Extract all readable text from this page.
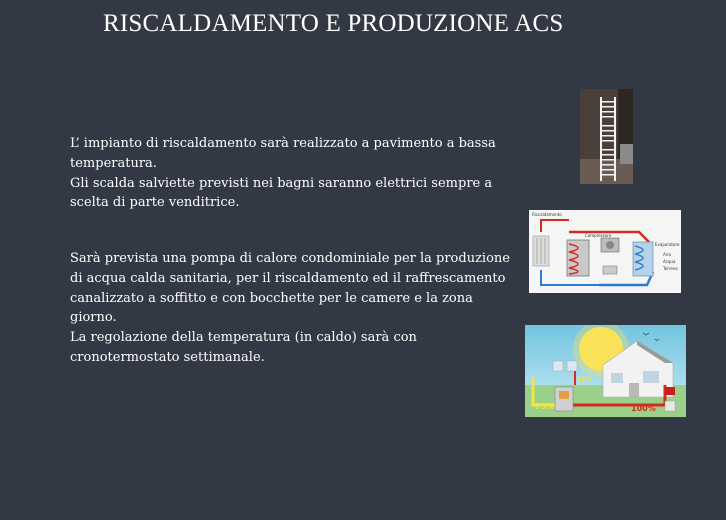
RISCALDAMENTO E PRODUZIONE ACS

L’ impianto di riscaldamento sarà realizzato a pavimento a bassa temperatura.

Gli scalda salviette previsti nei bagni saranno elettrici sempre a scelta di parte venditrice.

Sarà prevista una pompa di calore condominiale per la produzione di acqua calda sanitaria, per il riscaldamento ed il raffrescamento canalizzato a soffitto e con bocchette per le camere e la zona giorno.

La regolazione della temperatura (in caldo) sarà con cronotermostato settimanale.

Riscaldamento
Compressore
Evaporatore
Aria
Acqua
Terreno
75%
25%
100%
